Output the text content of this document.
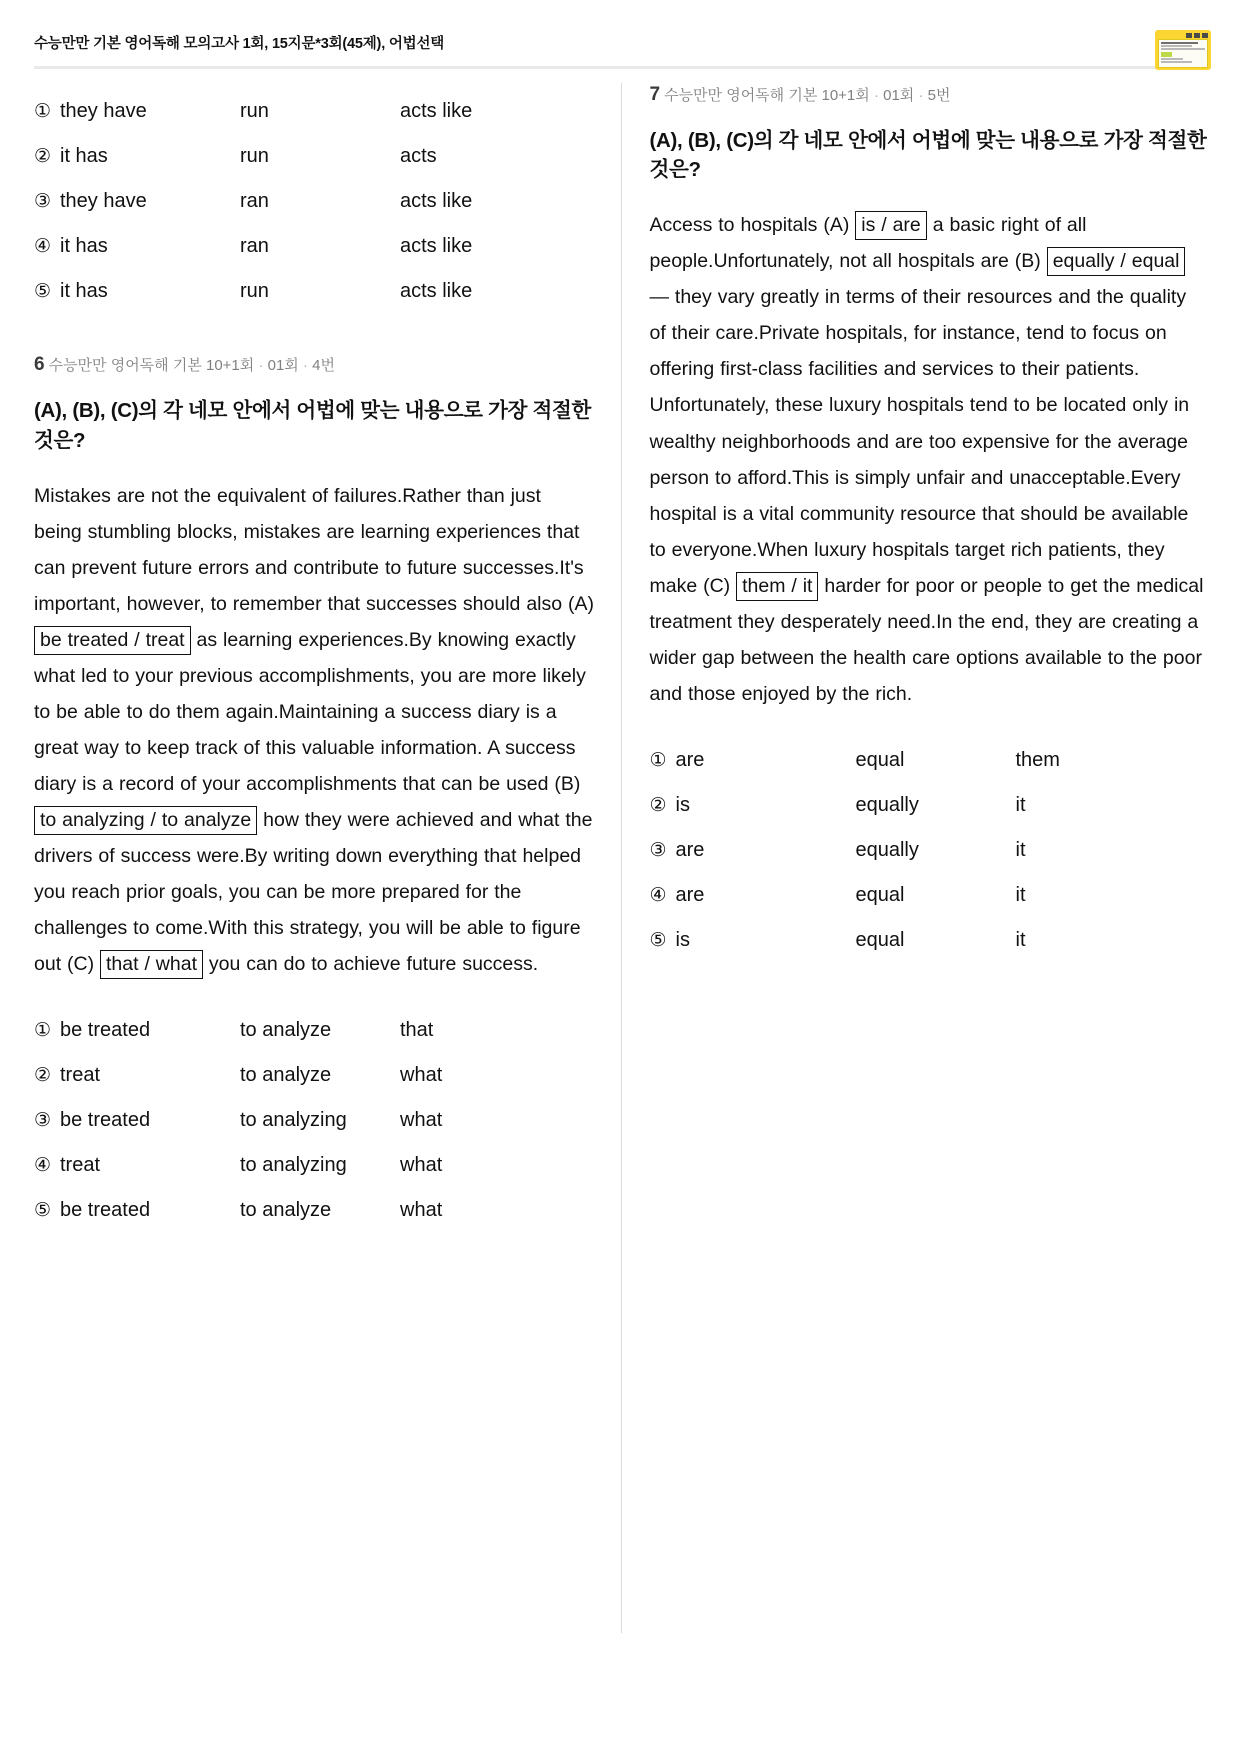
수능만만 기본 영어독해 모의고사 1회, 15지문*3회(45제), 어법선택
① they have	run	acts like
② it has	run	acts
③ they have	ran	acts like
④ it has	ran	acts like
⑤ it has	run	acts like
6 수능만만 영어독해 기본 10+1회 · 01회 · 4번
(A), (B), (C)의 각 네모 안에서 어법에 맞는 내용으로 가장 적절한 것은?
Mistakes are not the equivalent of failures.Rather than just being stumbling blocks, mistakes are learning experiences that can prevent future errors and contribute to future successes.It's important, however, to remember that successes should also (A) be treated / treat as learning experiences.By knowing exactly what led to your previous accomplishments, you are more likely to be able to do them again.Maintaining a success diary is a great way to keep track of this valuable information. A success diary is a record of your accomplishments that can be used (B) to analyzing / to analyze how they were achieved and what the drivers of success were.By writing down everything that helped you reach prior goals, you can be more prepared for the challenges to come.With this strategy, you will be able to figure out (C) that / what you can do to achieve future success.
① be treated	to analyze	that
② treat	to analyze	what
③ be treated	to analyzing	what
④ treat	to analyzing	what
⑤ be treated	to analyze	what
7 수능만만 영어독해 기본 10+1회 · 01회 · 5번
(A), (B), (C)의 각 네모 안에서 어법에 맞는 내용으로 가장 적절한 것은?
Access to hospitals (A) is / are a basic right of all people.Unfortunately, not all hospitals are (B) equally / equal — they vary greatly in terms of their resources and the quality of their care.Private hospitals, for instance, tend to focus on offering first-class facilities and services to their patients. Unfortunately, these luxury hospitals tend to be located only in wealthy neighborhoods and are too expensive for the average person to afford.This is simply unfair and unacceptable.Every hospital is a vital community resource that should be available to everyone.When luxury hospitals target rich patients, they make (C) them / it harder for poor or people to get the medical treatment they desperately need.In the end, they are creating a wider gap between the health care options available to the poor and those enjoyed by the rich.
① are	equal	them
② is	equally	it
③ are	equally	it
④ are	equal	it
⑤ is	equal	it
